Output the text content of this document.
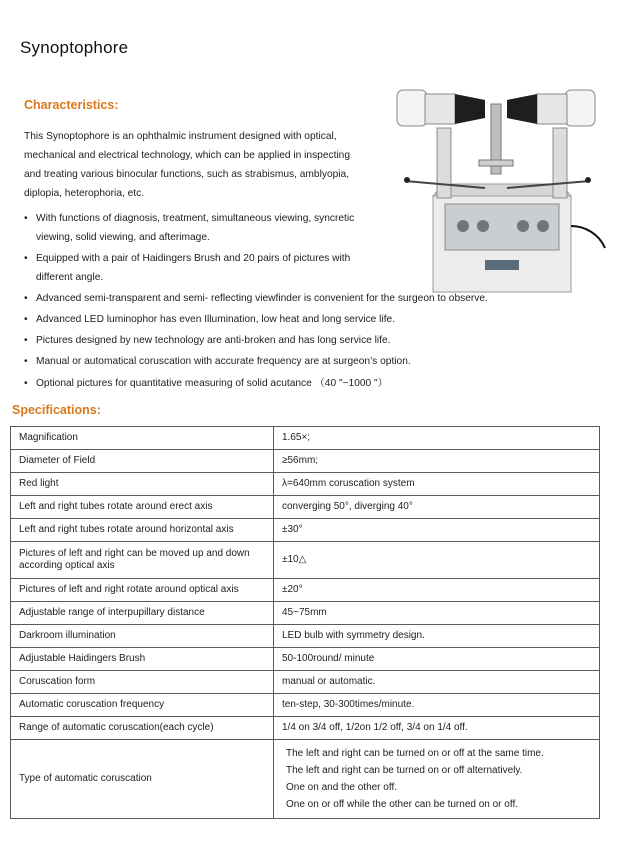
Synoptophore
Characteristics:
This Synoptophore is an ophthalmic instrument designed with optical,
mechanical and electrical technology, which can be applied in inspecting
and treating various binocular functions, such as strabismus, amblyopia,
diplopia, heterophoria, etc.
• With functions of diagnosis, treatment, simultaneous viewing, syncretic
viewing, solid viewing, and afterimage.
• Equipped with a pair of Haidingers Brush and 20 pairs of pictures with
different angle.
• Advanced semi-transparent and semi- reflecting viewfinder is convenient for the surgeon to observe.
• Advanced LED luminophor has even Illumination, low heat and long service life.
• Pictures designed by new technology are anti-broken and has long service life.
• Manual or automatical coruscation with accurate frequency are at surgeon’s option.
• Optional pictures for quantitative measuring of solid acutance （40 "~1000 "）
Specifications:
Magnification	1.65×;
Diameter of Field	≥56mm;
Red light	λ=640mm coruscation system
Left and right tubes rotate around erect axis	converging 50°, diverging 40°
Left and right tubes rotate around horizontal axis	±30°
Pictures of left and right can be moved up and down according optical axis	±10△
Pictures of left and right rotate around optical axis	±20°
Adjustable range of interpupillary distance	45~75mm
Darkroom illumination	LED bulb with symmetry design.
Adjustable Haidingers Brush	50-100round/ minute
Coruscation form	manual or automatic.
Automatic coruscation frequency	ten-step, 30-300times/minute.
Range of automatic coruscation(each cycle)	1/4 on 3/4 off, 1/2on 1/2 off, 3/4 on 1/4 off.
Type of automatic coruscation	The left and right can be turned on or off at the same time.
The left and right can be turned on or off alternatively.
One on and the other off.
One on or off while the other can be turned on or off.
